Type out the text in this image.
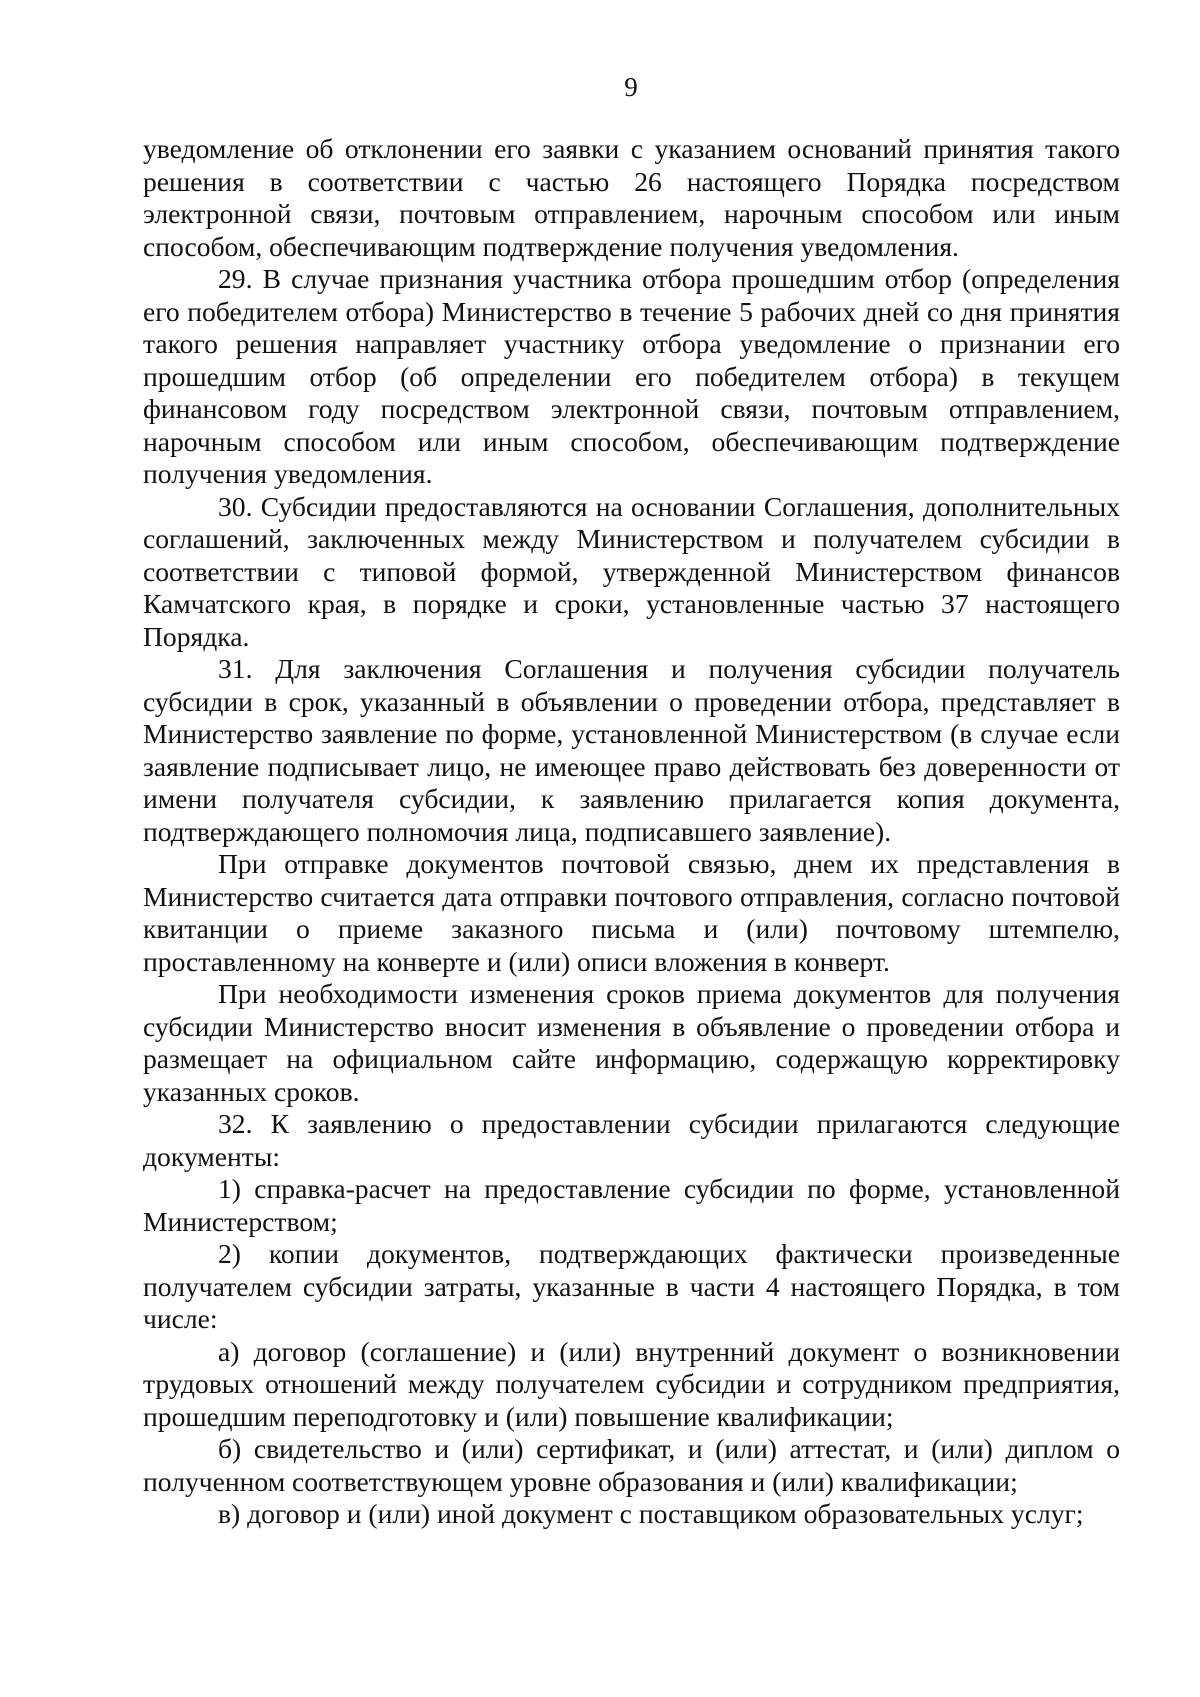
9

уведомление об отклонении его заявки с указанием оснований принятия такого решения в соответствии с частью 26 настоящего Порядка посредством электронной связи, почтовым отправлением, нарочным способом или иным способом, обеспечивающим подтверждение получения уведомления.

29. В случае признания участника отбора прошедшим отбор (определения его победителем отбора) Министерство в течение 5 рабочих дней со дня принятия такого решения направляет участнику отбора уведомление о признании его прошедшим отбор (об определении его победителем отбора) в текущем финансовом году посредством электронной связи, почтовым отправлением, нарочным способом или иным способом, обеспечивающим подтверждение получения уведомления.

30. Субсидии предоставляются на основании Соглашения, дополнительных соглашений, заключенных между Министерством и получателем субсидии в соответствии с типовой формой, утвержденной Министерством финансов Камчатского края, в порядке и сроки, установленные частью 37 настоящего Порядка.

31. Для заключения Соглашения и получения субсидии получатель субсидии в срок, указанный в объявлении о проведении отбора, представляет в Министерство заявление по форме, установленной Министерством (в случае если заявление подписывает лицо, не имеющее право действовать без доверенности от имени получателя субсидии, к заявлению прилагается копия документа, подтверждающего полномочия лица, подписавшего заявление).

При отправке документов почтовой связью, днем их представления в Министерство считается дата отправки почтового отправления, согласно почтовой квитанции о приеме заказного письма и (или) почтовому штемпелю, проставленному на конверте и (или) описи вложения в конверт.

При необходимости изменения сроков приема документов для получения субсидии Министерство вносит изменения в объявление о проведении отбора и размещает на официальном сайте информацию, содержащую корректировку указанных сроков.

32. К заявлению о предоставлении субсидии прилагаются следующие документы:

1) справка-расчет на предоставление субсидии по форме, установленной Министерством;

2) копии документов, подтверждающих фактически произведенные получателем субсидии затраты, указанные в части 4 настоящего Порядка, в том числе:

а) договор (соглашение) и (или) внутренний документ о возникновении трудовых отношений между получателем субсидии и сотрудником предприятия, прошедшим переподготовку и (или) повышение квалификации;

б) свидетельство и (или) сертификат, и (или) аттестат, и (или) диплом о полученном соответствующем уровне образования и (или) квалификации;

в) договор и (или) иной документ с поставщиком образовательных услуг;
